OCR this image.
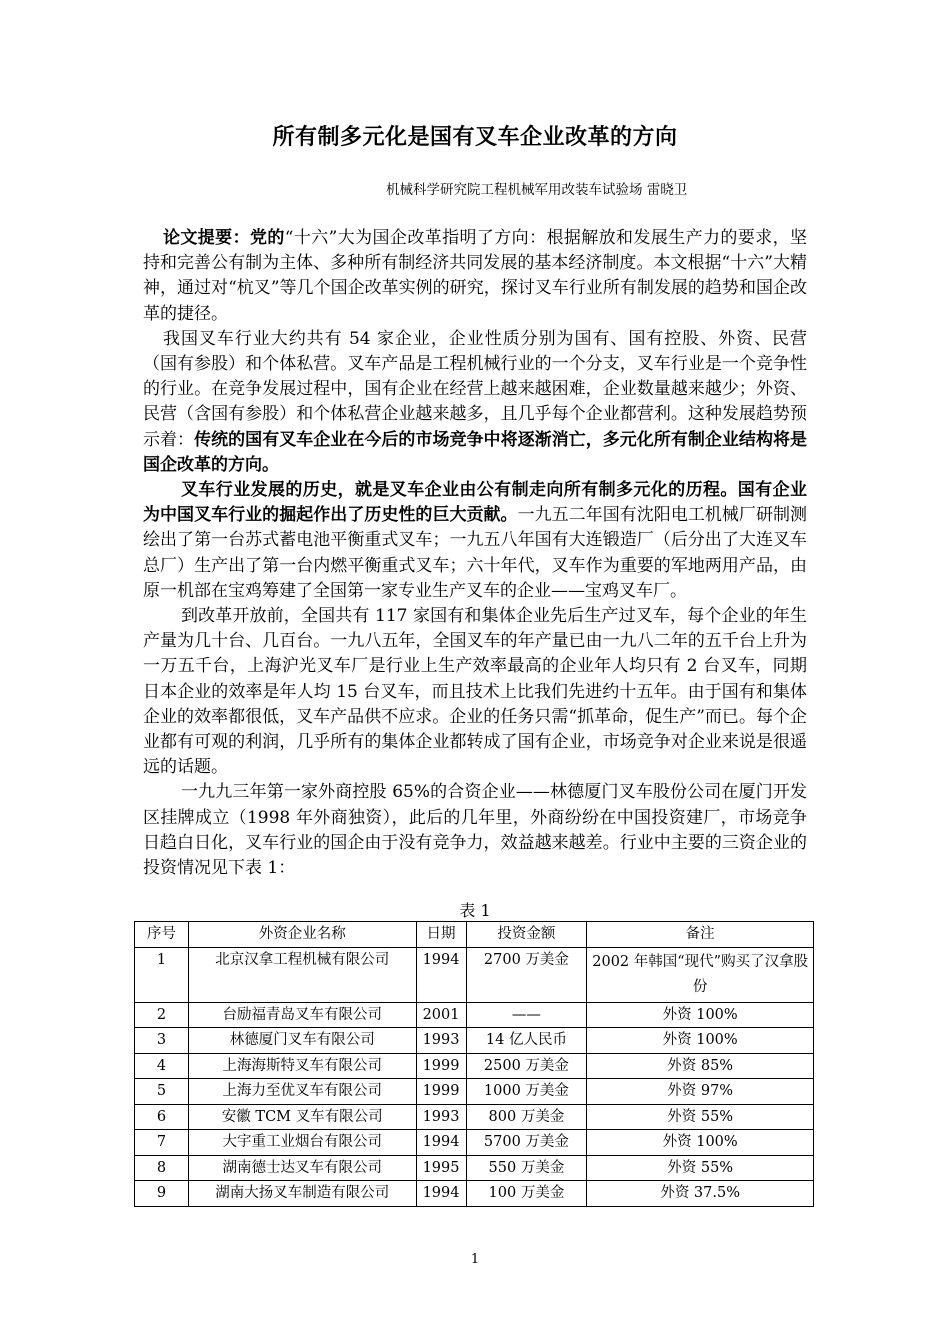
所有制多元化是国有叉车企业改革的方向
机械科学研究院工程机械军用改装车试验场 雷晓卫

论文提要：党的“十六”大为国企改革指明了方向：根据解放和发展生产力的要求，坚持和完善公有制为主体、多种所有制经济共同发展的基本经济制度。本文根据“十六”大精神，通过对“杭叉”等几个国企改革实例的研究，探讨叉车行业所有制发展的趋势和国企改革的捷径。

我国叉车行业大约共有 54 家企业，企业性质分别为国有、国有控股、外资、民营（国有参股）和个体私营。叉车产品是工程机械行业的一个分支，叉车行业是一个竞争性的行业。在竞争发展过程中，国有企业在经营上越来越困难，企业数量越来越少；外资、民营（含国有参股）和个体私营企业越来越多，且几乎每个企业都营利。这种发展趋势预示着：传统的国有叉车企业在今后的市场竞争中将逐渐消亡，多元化所有制企业结构将是国企改革的方向。

叉车行业发展的历史，就是叉车企业由公有制走向所有制多元化的历程。国有企业为中国叉车行业的掘起作出了历史性的巨大贡献。一九五二年国有沈阳电工机械厂研制测绘出了第一台苏式蓄电池平衡重式叉车；一九五八年国有大连锻造厂（后分出了大连叉车总厂）生产出了第一台内燃平衡重式叉车；六十年代，叉车作为重要的军地两用产品，由原一机部在宝鸡筹建了全国第一家专业生产叉车的企业——宝鸡叉车厂。

到改革开放前，全国共有 117 家国有和集体企业先后生产过叉车，每个企业的年生产量为几十台、几百台。一九八五年，全国叉车的年产量已由一九八二年的五千台上升为一万五千台，上海沪光叉车厂是行业上生产效率最高的企业年人均只有 2 台叉车，同期日本企业的效率是年人均 15 台叉车，而且技术上比我们先进约十五年。由于国有和集体企业的效率都很低，叉车产品供不应求。企业的任务只需“抓革命，促生产”而已。每个企业都有可观的利润，几乎所有的集体企业都转成了国有企业，市场竞争对企业来说是很遥远的话题。

一九九三年第一家外商控股 65%的合资企业——林德厦门叉车股份公司在厦门开发区挂牌成立（1998 年外商独资），此后的几年里，外商纷纷在中国投资建厂，市场竞争日趋白日化，叉车行业的国企由于没有竞争力，效益越来越差。行业中主要的三资企业的投资情况见下表 1：

表 1
序号	外资企业名称	日期	投资金额	备注
1	北京汉拿工程机械有限公司	1994	2700 万美金	2002 年韩国“现代”购买了汉拿股份
2	台励福青岛叉车有限公司	2001	——	外资 100%
3	林德厦门叉车有限公司	1993	14 亿人民币	外资 100%
4	上海海斯特叉车有限公司	1999	2500 万美金	外资 85%
5	上海力至优叉车有限公司	1999	1000 万美金	外资 97%
6	安徽 TCM 叉车有限公司	1993	800 万美金	外资 55%
7	大宇重工业烟台有限公司	1994	5700 万美金	外资 100%
8	湖南德士达叉车有限公司	1995	550 万美金	外资 55%
9	湖南大扬叉车制造有限公司	1994	100 万美金	外资 37.5%
1
